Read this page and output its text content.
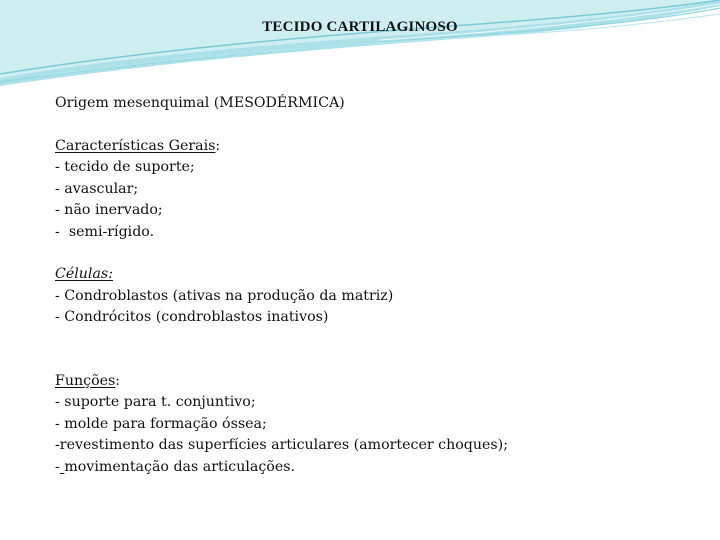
TECIDO CARTILAGINOSO
Origem mesenquimal (MESODÉRMICA)
Características Gerais:
- tecido de suporte;
- avascular;
- não inervado;
-  semi-rígido.
Células:
- Condroblastos (ativas na produção da matriz)
- Condrócitos (condroblastos inativos)
Funções:
- suporte para t. conjuntivo;
- molde para formação óssea;
-revestimento das superfícies articulares (amortecer choques);
- movimentação das articulações.
